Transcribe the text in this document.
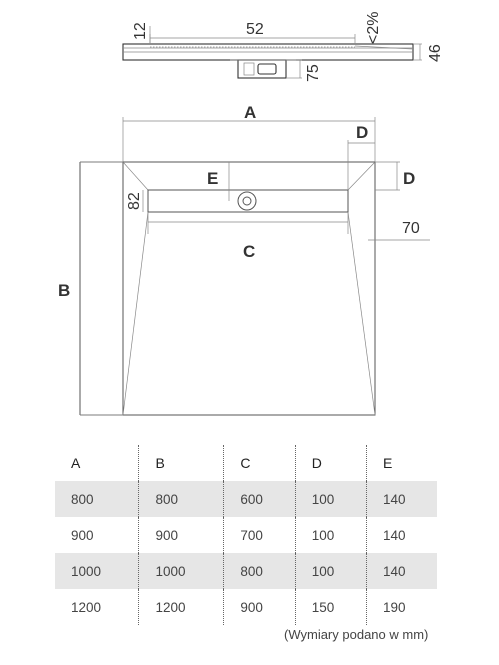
52
12	<2%
46
75
A
B
C
D
D
E
82
70
A	B	C	D	E
800	800	600	100	140
900	900	700	100	140
1000	1000	800	100	140
1200	1200	900	150	190
(Wymiary podano w mm)
